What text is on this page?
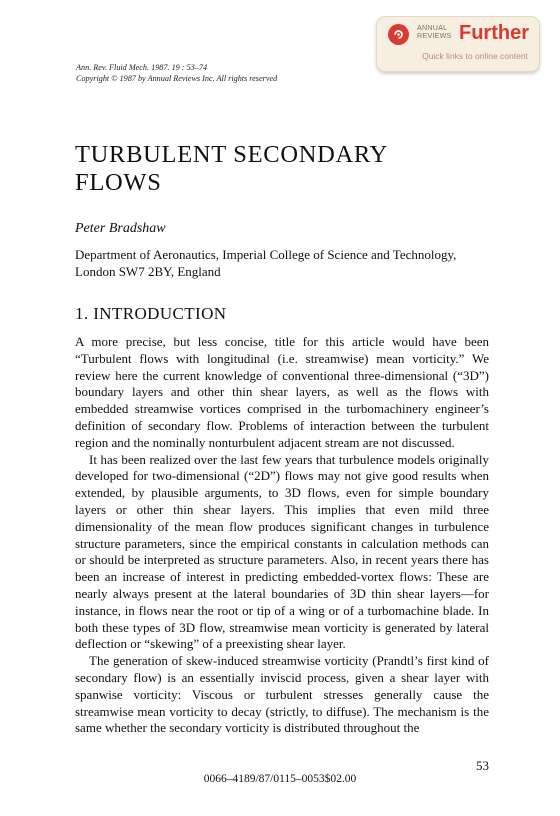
ANNUAL
REVIEWS Further
Quick links to online content
Ann. Rev. Fluid Mech. 1987. 19 : 53–74
Copyright © 1987 by Annual Reviews Inc. All rights reserved
TURBULENT SECONDARY
FLOWS
Peter Bradshaw
Department of Aeronautics, Imperial College of Science and Technology,
London SW7 2BY, England
1. INTRODUCTION

A more precise, but less concise, title for this article would have been “Turbulent flows with longitudinal (i.e. streamwise) mean vorticity.” We review here the current knowledge of conventional three-dimensional (“3D”) boundary layers and other thin shear layers, as well as the flows with embedded streamwise vortices comprised in the turbomachinery engineer’s definition of secondary flow. Problems of interaction between the turbulent region and the nominally nonturbulent adjacent stream are not discussed.

It has been realized over the last few years that turbulence models originally developed for two-dimensional (“2D”) flows may not give good results when extended, by plausible arguments, to 3D flows, even for simple boundary layers or other thin shear layers. This implies that even mild three dimensionality of the mean flow produces significant changes in turbulence structure parameters, since the empirical constants in calculation methods can or should be interpreted as structure parameters. Also, in recent years there has been an increase of interest in predicting embedded-vortex flows: These are nearly always present at the lateral boundaries of 3D thin shear layers—for instance, in flows near the root or tip of a wing or of a turbomachine blade. In both these types of 3D flow, streamwise mean vorticity is generated by lateral deflection or “skewing” of a preexisting shear layer.

The generation of skew-induced streamwise vorticity (Prandtl’s first kind of secondary flow) is an essentially inviscid process, given a shear layer with spanwise vorticity: Viscous or turbulent stresses generally cause the streamwise mean vorticity to decay (strictly, to diffuse). The mechanism is the same whether the secondary vorticity is distributed throughout the

53
0066–4189/87/0115–0053$02.00
